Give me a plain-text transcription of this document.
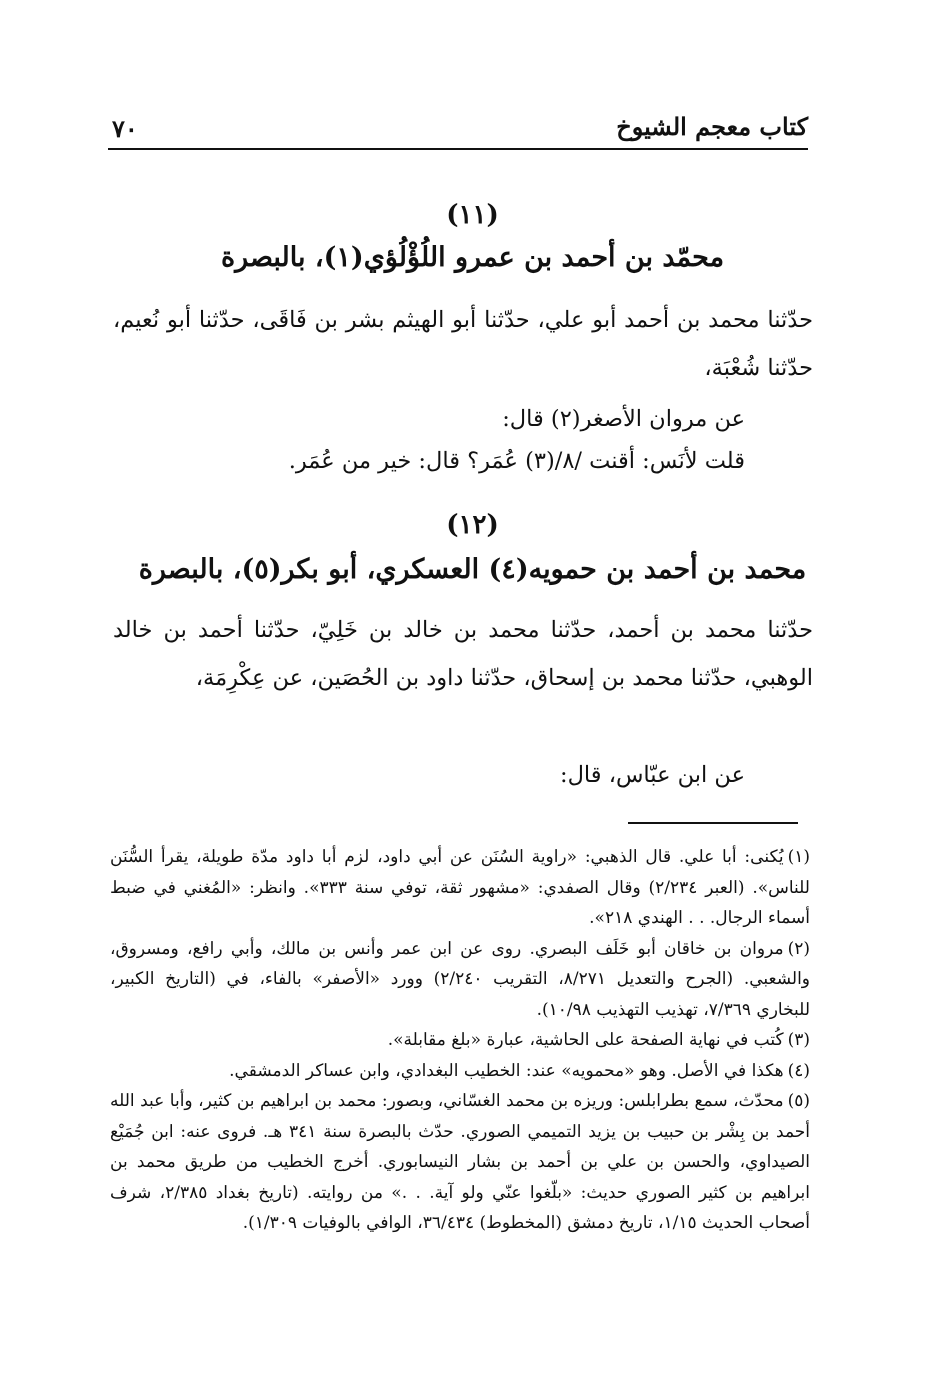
كتاب معجم الشيوخ
٧٠
(١١)
محمّد بن أحمد بن عمرو اللُؤْلُؤي(١)، بالبصرة
حدّثنا محمد بن أحمد أبو علي، حدّثنا أبو الهيثم بشر بن فَاقَى، حدّثنا أبو نُعيم، حدّثنا شُعْبَة،
عن مروان الأصغر(٢) قال:
قلت لأنَس: أقنت /٨/(٣) عُمَر؟ قال: خير من عُمَر.
(١٢)
محمد بن أحمد بن حمويه(٤) العسكري، أبو بكر(٥)، بالبصرة
حدّثنا محمد بن أحمد، حدّثنا محمد بن خالد بن خَلِيّ، حدّثنا أحمد بن خالد الوهبي، حدّثنا محمد بن إسحاق، حدّثنا داود بن الحُصَين، عن عِكْرِمَة،
عن ابن عبّاس، قال:

(١)يُكنى: أبا علي. قال الذهبي: «راوية السُنَن عن أبي داود، لزم أبا داود مدّة طويلة، يقرأ السُّنَن للناس». (العبر ٢/٢٣٤) وقال الصفدي: «مشهور ثقة، توفي سنة ٣٣٣». وانظر: «المُغني في ضبط أسماء الرجال. . . الهندي ٢١٨».

(٢)مروان بن خاقان أبو خَلَف البصري. روى عن ابن عمر وأنس بن مالك، وأبي رافع، ومسروق، والشعبي. (الجرح والتعديل ٨/٢٧١، التقريب ٢/٢٤٠) وورد «الأصفر» بالفاء، في (التاريخ الكبير، للبخاري ٧/٣٦٩، تهذيب التهذيب ١٠/٩٨).

(٣)كُتب في نهاية الصفحة على الحاشية، عبارة «بلغ مقابلة».

(٤)هكذا في الأصل. وهو «محمويه» عند: الخطيب البغدادي، وابن عساكر الدمشقي.

(٥)محدّث، سمع بطرابلس: وريزه بن محمد الغسّاني، وبصور: محمد بن ابراهيم بن كثير، وأبا عبد الله أحمد بن بِشْر بن حبيب بن يزيد التميمي الصوري. حدّث بالبصرة سنة ٣٤١ هـ. فروى عنه: ابن جُمَيْع الصيداوي، والحسن بن علي بن أحمد بن بشار النيسابوري. أخرج الخطيب من طريق محمد بن ابراهيم بن كثير الصوري حديث: «بلّغوا عنّي ولو آية. . .» من روايته. (تاريخ بغداد ٢/٣٨٥، شرف أصحاب الحديث ١/١٥، تاريخ دمشق (المخطوط) ٣٦/٤٣٤، الوافي بالوفيات ١/٣٠٩).
